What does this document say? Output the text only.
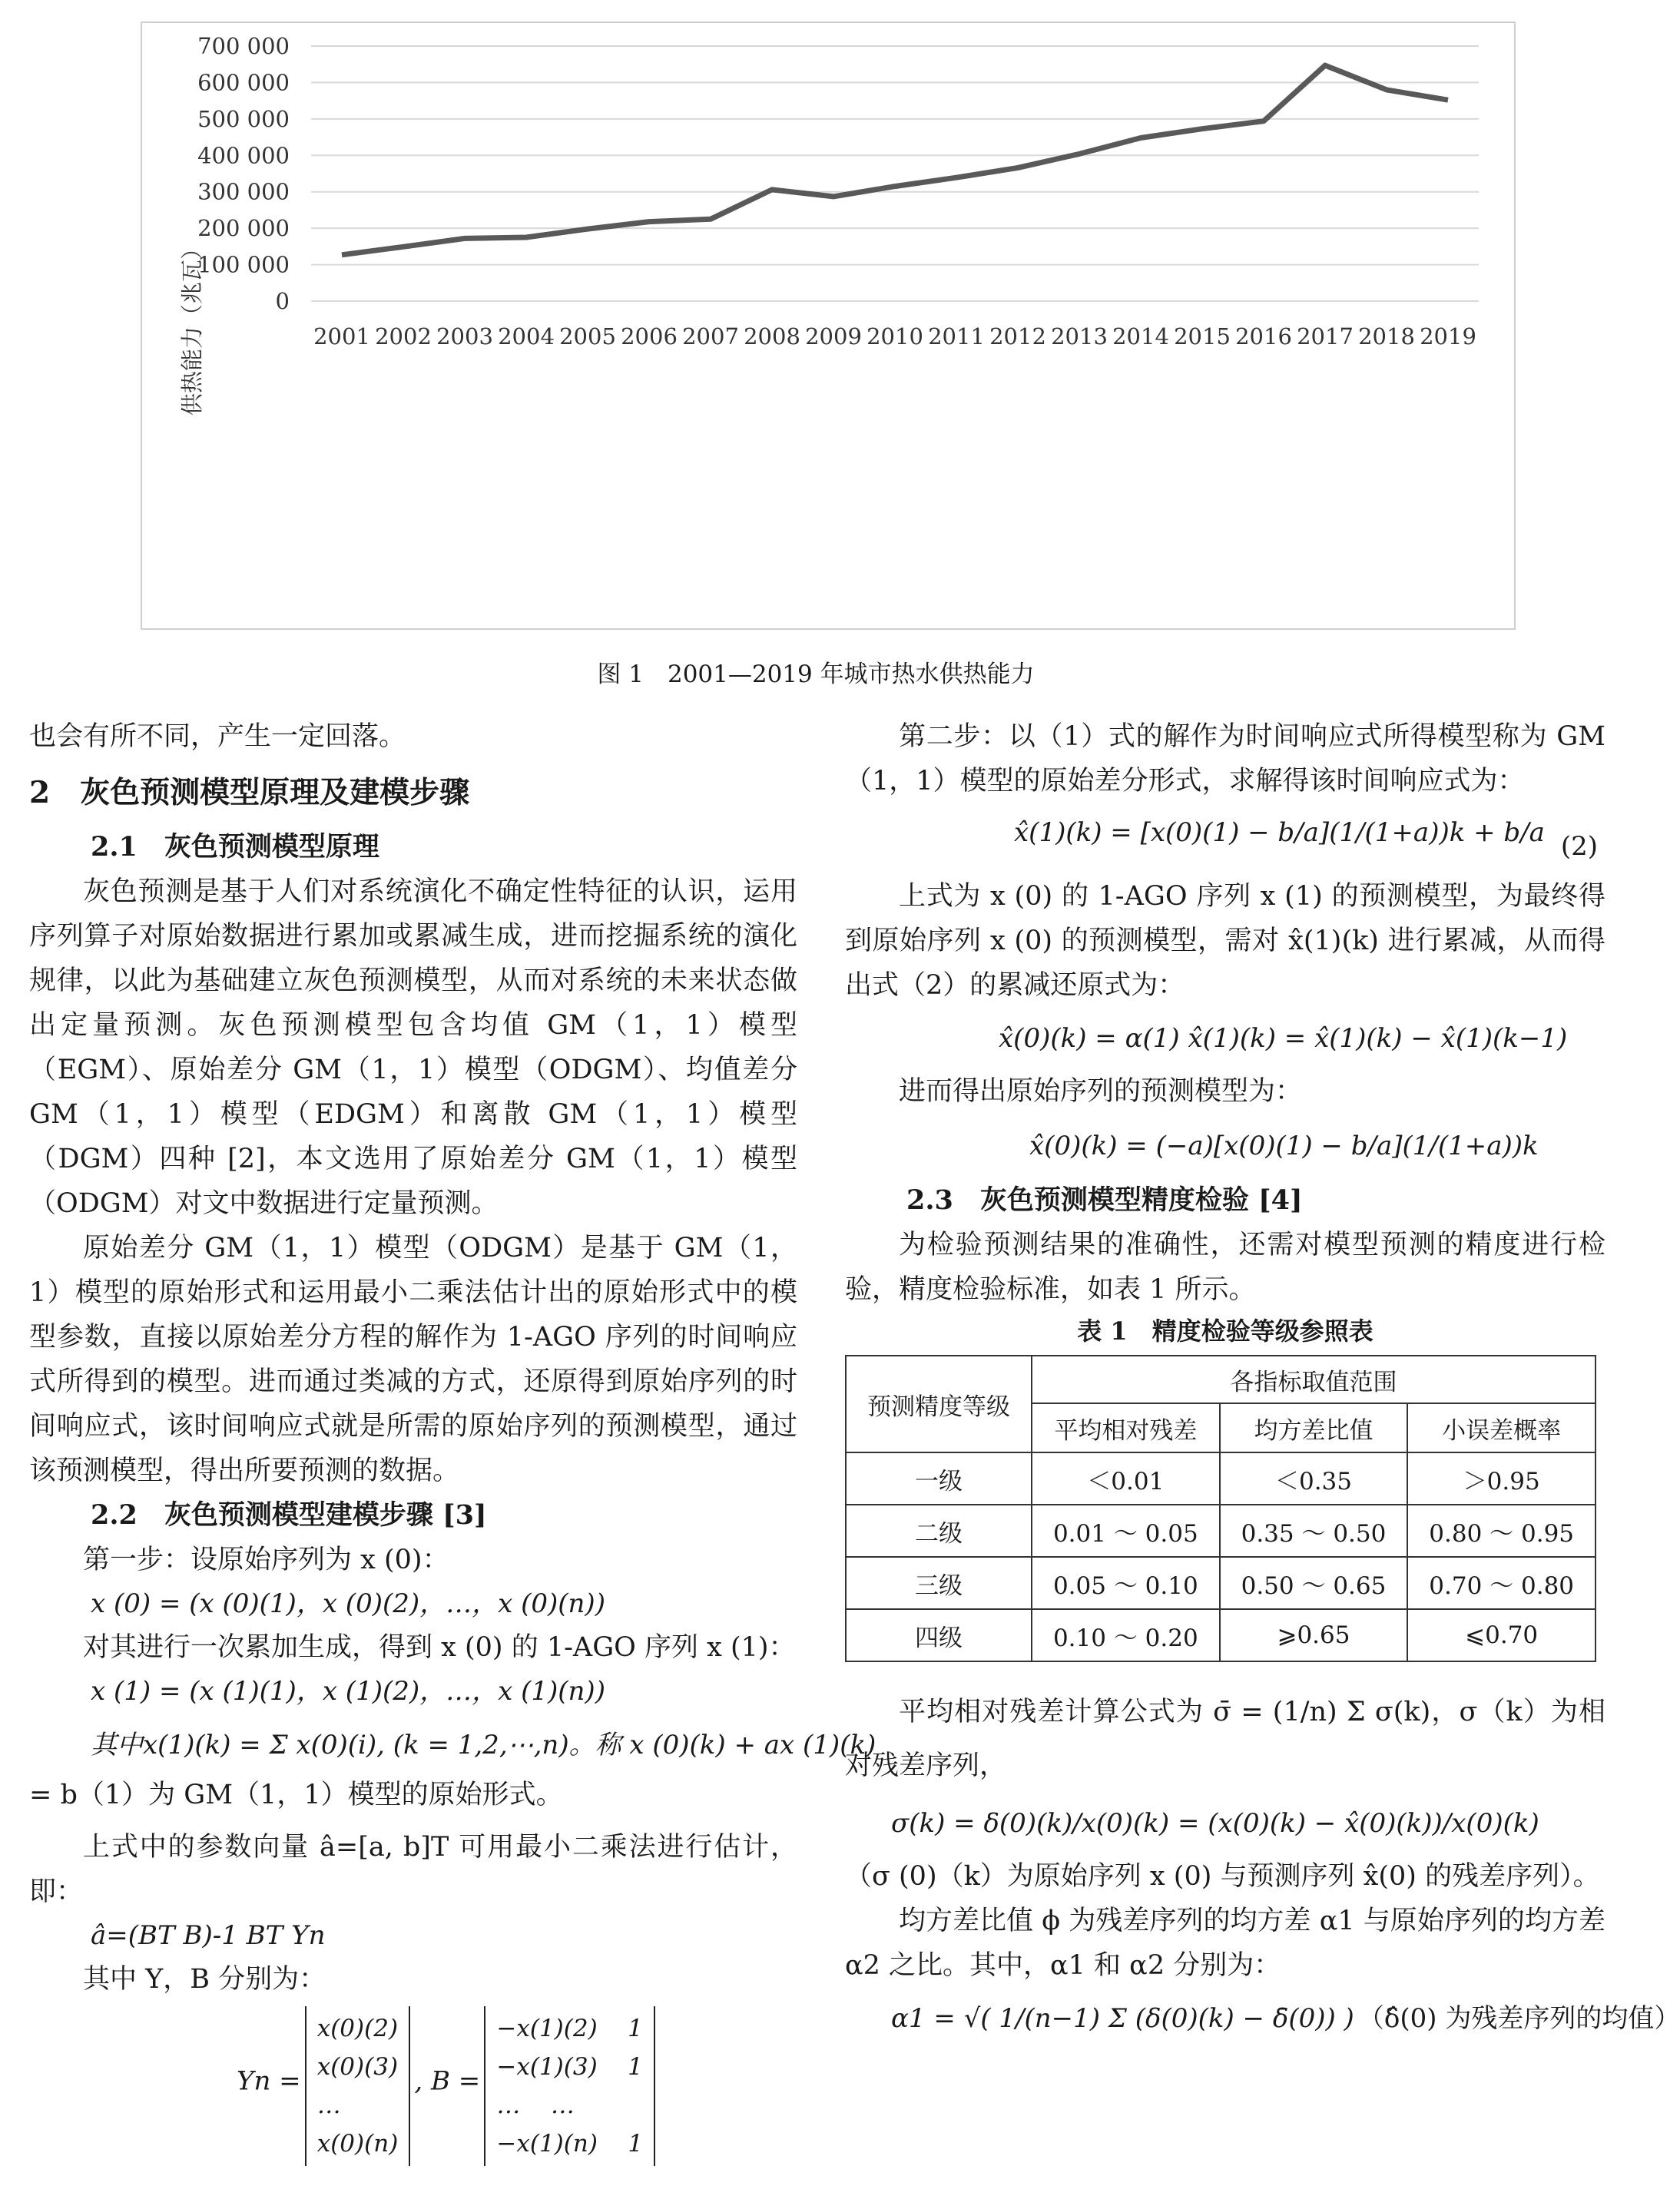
700 000
600 000
500 000
400 000
300 000
200 000
100 000
0
2001 2002 2003 2004 2005 2006 2007 2008 2009 2010 2011 2012 2013 2014 2015 2016 2017 2018 2019
供热能力（兆瓦）
图 1　2001—2019 年城市热水供热能力

也会有所不同，产生一定回落。

2　灰色预测模型原理及建模步骤
2.1　灰色预测模型原理

灰色预测是基于人们对系统演化不确定性特征的认识，运用序列算子对原始数据进行累加或累减生成，进而挖掘系统的演化规律，以此为基础建立灰色预测模型，从而对系统的未来状态做出定量预测。灰色预测模型包含均值 GM（1，1）模型（EGM）、原始差分 GM（1，1）模型（ODGM）、均值差分 GM（1，1）模型（EDGM）和离散 GM（1，1）模型（DGM）四种 [2]，本文选用了原始差分 GM（1，1）模型（ODGM）对文中数据进行定量预测。

原始差分 GM（1，1）模型（ODGM）是基于 GM（1，1）模型的原始形式和运用最小二乘法估计出的原始形式中的模型参数，直接以原始差分方程的解作为 1-AGO 序列的时间响应式所得到的模型。进而通过类减的方式，还原得到原始序列的时间响应式，该时间响应式就是所需的原始序列的预测模型，通过该预测模型，得出所要预测的数据。

2.2　灰色预测模型建模步骤 [3]

第一步：设原始序列为 x (0)：

x (0) = (x (0)(1)，x (0)(2)，…，x (0)(n))

对其进行一次累加生成，得到 x (0) 的 1-AGO 序列 x (1)：

x (1) = (x (1)(1)，x (1)(2)，…，x (1)(n))
其中x(1)(k) = Σ x(0)(i), (k = 1,2,⋯,n)。称 x (0)(k) + ax (1)(k)

= b（1）为 GM（1，1）模型的原始形式。

上式中的参数向量 â=[a, b]T 可用最小二乘法进行估计，即：

â=(BT B)-1 BT Yn

其中 Y，B 分别为：

Yn =
x(0)(2)
x(0)(3)
…
x(0)(n)
, B =
−x(1)(2) 1
−x(1)(3) 1
… …
−x(1)(n) 1

第二步：以（1）式的解作为时间响应式所得模型称为 GM（1，1）模型的原始差分形式，求解得该时间响应式为：

x̂(1)(k) = [x(0)(1) − b/a](1/(1+a))k + b/a (2)

上式为 x (0) 的 1-AGO 序列 x (1) 的预测模型，为最终得到原始序列 x (0) 的预测模型，需对 x̂(1)(k) 进行累减，从而得出式（2）的累减还原式为：

x̂(0)(k) = α(1) x̂(1)(k) = x̂(1)(k) − x̂(1)(k−1)

进而得出原始序列的预测模型为：

x̂(0)(k) = (−a)[x(0)(1) − b/a](1/(1+a))k
2.3　灰色预测模型精度检验 [4]

为检验预测结果的准确性，还需对模型预测的精度进行检验，精度检验标准，如表 1 所示。

表 1　精度检验等级参照表
预测精度等级	各指标取值范围		
	平均相对残差	均方差比值	小误差概率
一级	＜0.01	＜0.35	＞0.95
二级	0.01 ～ 0.05	0.35 ～ 0.50	0.80 ～ 0.95
三级	0.05 ～ 0.10	0.50 ～ 0.65	0.70 ～ 0.80
四级	0.10 ～ 0.20	⩾0.65	⩽0.70

平均相对残差计算公式为 σ̄ = (1/n) Σ σ(k)，σ（k）为相对残差序列，

σ(k) = δ(0)(k)/x(0)(k) = (x(0)(k) − x̂(0)(k))/x(0)(k)

（σ (0)（k）为原始序列 x (0) 与预测序列 x̂(0) 的残差序列）。

均方差比值 ϕ 为残差序列的均方差 α1 与原始序列的均方差 α2 之比。其中，α1 和 α2 分别为：

α1 = √( 1/(n−1) Σ (δ(0)(k) − δ̄(0)) ) （δ̂(0) 为残差序列的均值）
